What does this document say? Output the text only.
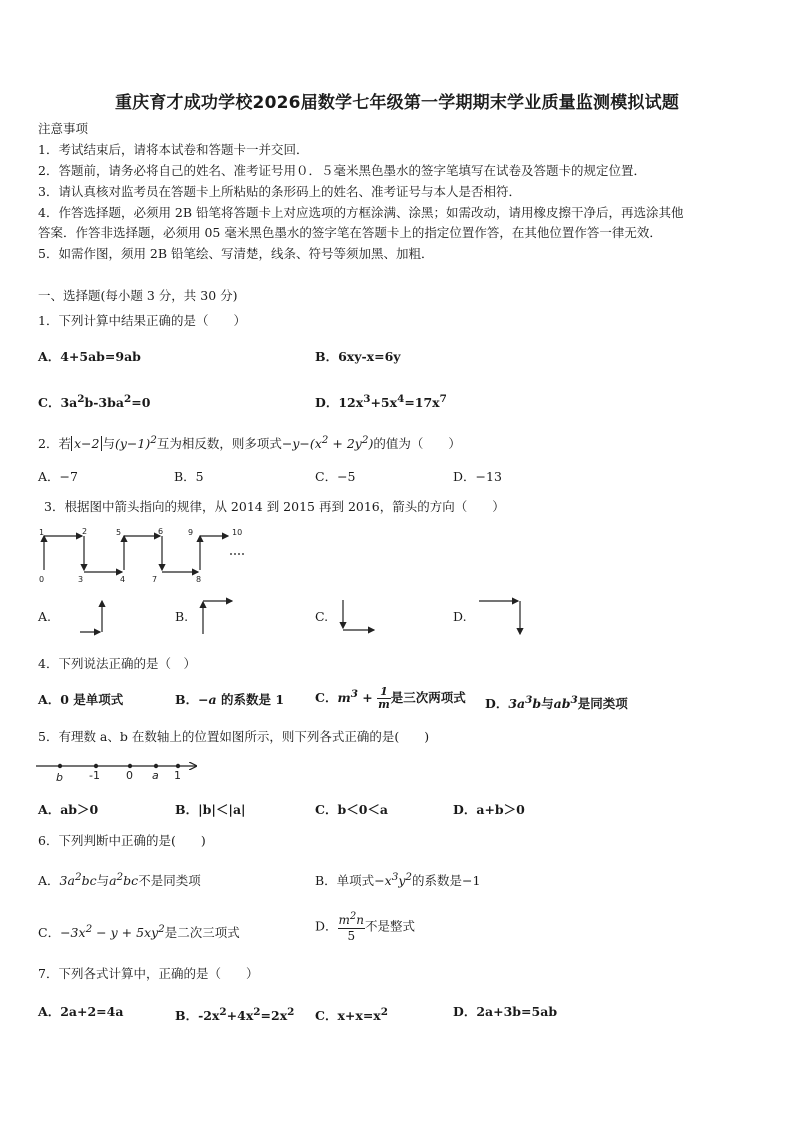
重庆育才成功学校2026届数学七年级第一学期期末学业质量监测模拟试题
注意事项
1．考试结束后，请将本试卷和答题卡一并交回．
2．答题前，请务必将自己的姓名、准考证号用０．５毫米黑色墨水的签字笔填写在试卷及答题卡的规定位置．
3．请认真核对监考员在答题卡上所粘贴的条形码上的姓名、准考证号与本人是否相符．
4．作答选择题，必须用 2B 铅笔将答题卡上对应选项的方框涂满、涂黑；如需改动，请用橡皮擦干净后，再选涂其他
答案．作答非选择题，必须用 05 毫米黑色墨水的签字笔在答题卡上的指定位置作答，在其他位置作答一律无效．
5．如需作图，须用 2B 铅笔绘、写清楚，线条、符号等须加黑、加粗．
一、选择题(每小题 3 分，共 30 分)
1．下列计算中结果正确的是（　　）
A．4+5ab=9ab	B．6xy-x=6y
C．$3a^2b-3ba^2=0$	D．$12x^3+5x^4=17x^7$
2．若 x−2 与$(y-1)^2$互为相反数，则多项式$-y-(x^2 + 2y^2)$的值为（　　）
A．−7	B．5	C．−5	D．−13
3．根据图中箭头指向的规律，从 2014 到 2015 再到 2016，箭头的方向（　　）
0
1	2
3	4
5	6
7	8
9	10
A.	B.	C.	D.
4．下列说法正确的是（　）
A．0 是单项式	B．−a 的系数是 1 C．$m^3 + \frac{1}{m}$ 是三次两项式 D．$3a^3b$与$ab^3$是同类项
5．有理数 a、b 在数轴上的位置如图所示，则下列各式正确的是(　　)
b -1 0 a 1
A．ab＞0	B．|b|＜|a|	C．b＜0＜a	D．a+b＞0
6．下列判断中正确的是(　　)
A．$3a^2bc$与$a^2bc$不是同类项	B．单项式$-x^3y^2$的系数是−1
C．$-3x^2 - y + 5xy^2$是二次三项式	D． $\frac{m^2n}{5}$ 不是整式
7．下列各式计算中，正确的是（　　）
A．2a+2=4a	B．$-2x^2+4x^2=2x^2$ C．$x+x=x^2$	D．2a+3b=5ab
